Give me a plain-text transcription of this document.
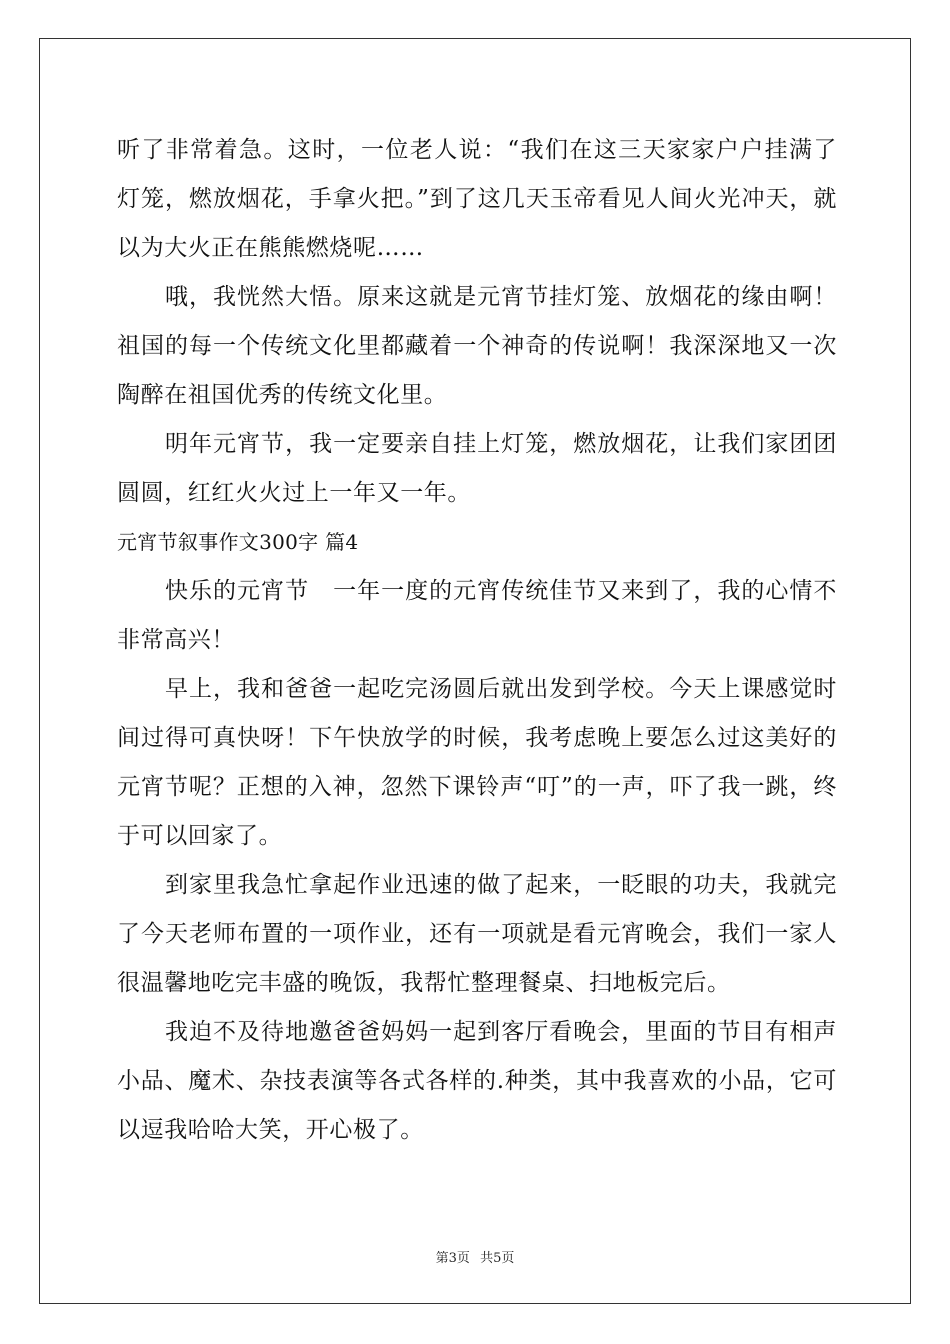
听了非常着急。这时，一位老人说：“我们在这三天家家户户挂满了灯笼，燃放烟花，手拿火把。”到了这几天玉帝看见人间火光冲天，就以为大火正在熊熊燃烧呢……

哦，我恍然大悟。原来这就是元宵节挂灯笼、放烟花的缘由啊！祖国的每一个传统文化里都藏着一个神奇的传说啊！我深深地又一次陶醉在祖国优秀的传统文化里。

明年元宵节，我一定要亲自挂上灯笼，燃放烟花，让我们家团团圆圆，红红火火过上一年又一年。

元宵节叙事作文300字 篇4

快乐的元宵节　一年一度的元宵传统佳节又来到了，我的心情不非常高兴！

早上，我和爸爸一起吃完汤圆后就出发到学校。今天上课感觉时间过得可真快呀！下午快放学的时候，我考虑晚上要怎么过这美好的元宵节呢？正想的入神，忽然下课铃声“叮”的一声，吓了我一跳，终于可以回家了。

到家里我急忙拿起作业迅速的做了起来，一眨眼的功夫，我就完了今天老师布置的一项作业，还有一项就是看元宵晚会，我们一家人很温馨地吃完丰盛的晚饭，我帮忙整理餐桌、扫地板完后。

我迫不及待地邀爸爸妈妈一起到客厅看晚会，里面的节目有相声小品、魔术、杂技表演等各式各样的.种类，其中我喜欢的小品，它可以逗我哈哈大笑，开心极了。

第3页 共5页
